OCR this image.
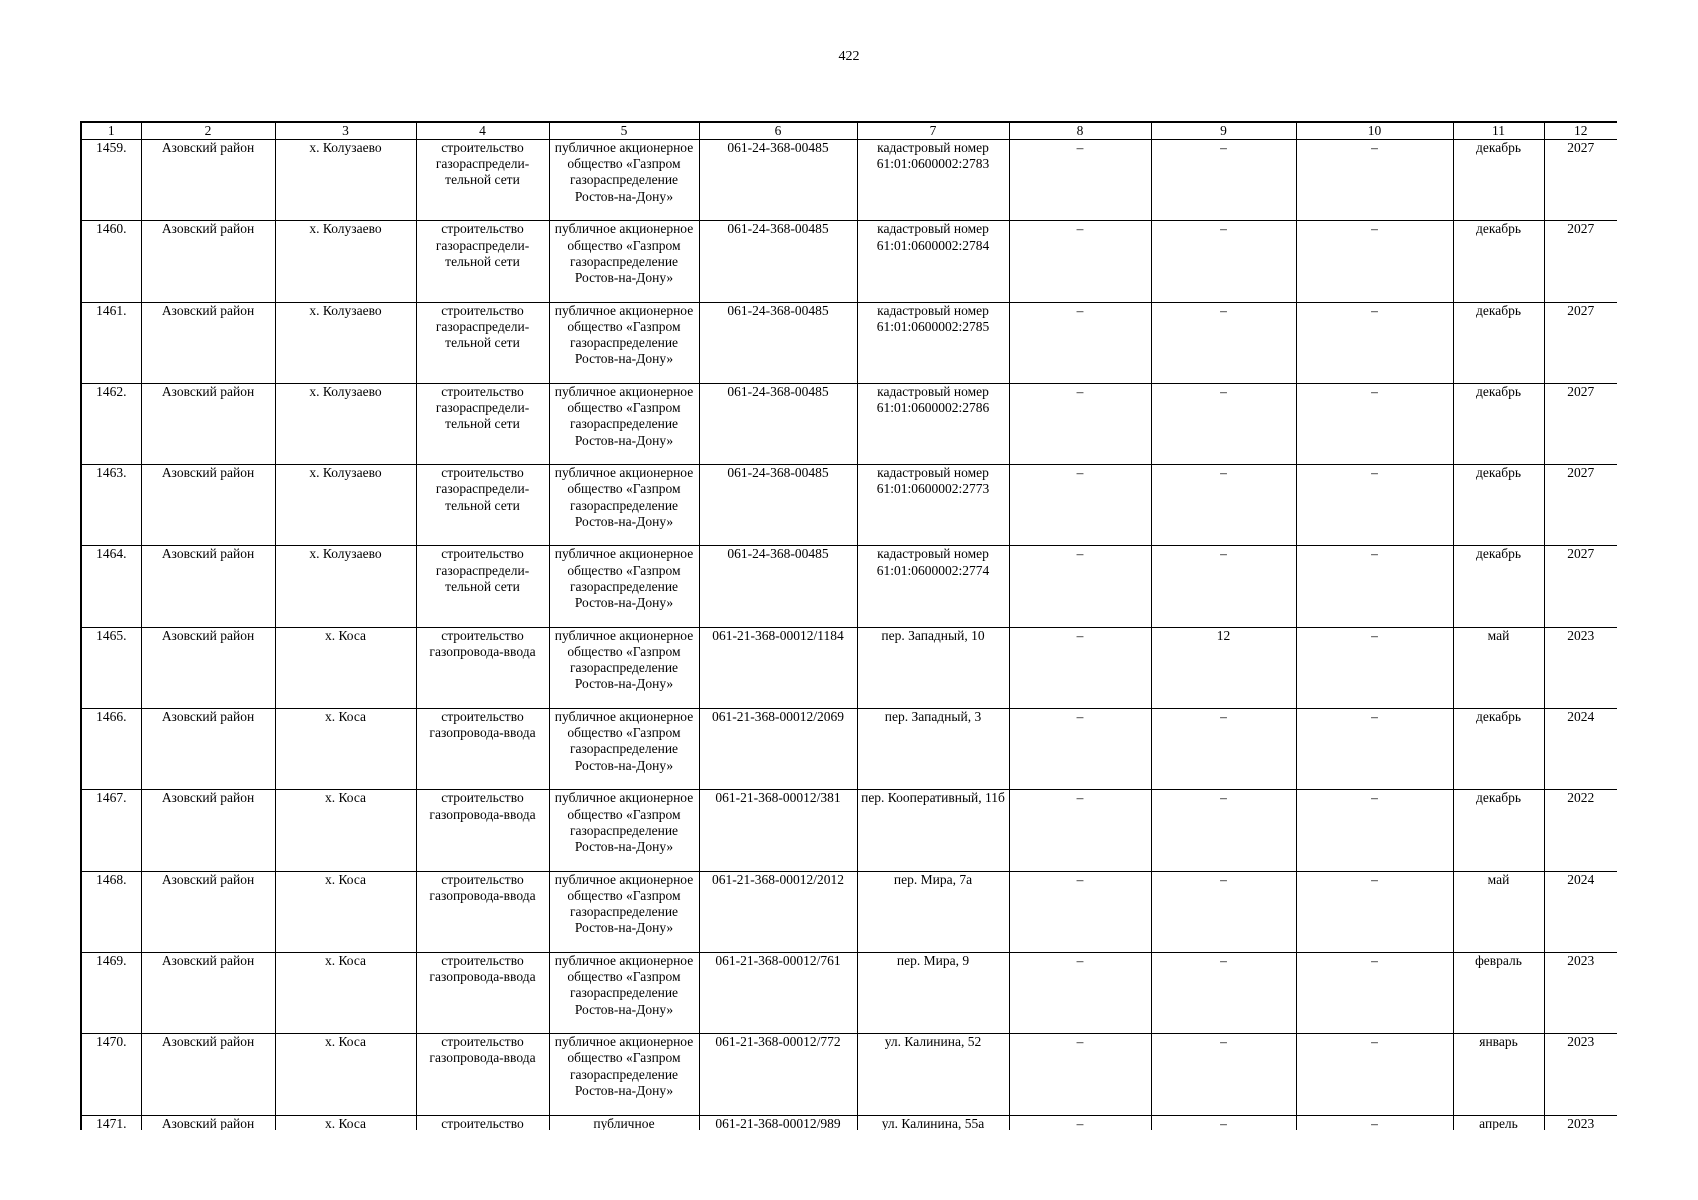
422
1	2	3	4	5	6	7	8	9	10	11	12
1459.	Азовский район	х. Колузаево	строительство газораспредели-тельной сети	публичное акционерное общество «Газпром газораспределение Ростов-на-Дону»	061-24-368-00485	кадастровый номер 61:01:0600002:2783	–	–	–	декабрь	2027
1460.	Азовский район	х. Колузаево	строительство газораспредели-тельной сети	публичное акционерное общество «Газпром газораспределение Ростов-на-Дону»	061-24-368-00485	кадастровый номер 61:01:0600002:2784	–	–	–	декабрь	2027
1461.	Азовский район	х. Колузаево	строительство газораспредели-тельной сети	публичное акционерное общество «Газпром газораспределение Ростов-на-Дону»	061-24-368-00485	кадастровый номер 61:01:0600002:2785	–	–	–	декабрь	2027
1462.	Азовский район	х. Колузаево	строительство газораспредели-тельной сети	публичное акционерное общество «Газпром газораспределение Ростов-на-Дону»	061-24-368-00485	кадастровый номер 61:01:0600002:2786	–	–	–	декабрь	2027
1463.	Азовский район	х. Колузаево	строительство газораспредели-тельной сети	публичное акционерное общество «Газпром газораспределение Ростов-на-Дону»	061-24-368-00485	кадастровый номер 61:01:0600002:2773	–	–	–	декабрь	2027
1464.	Азовский район	х. Колузаево	строительство газораспредели-тельной сети	публичное акционерное общество «Газпром газораспределение Ростов-на-Дону»	061-24-368-00485	кадастровый номер 61:01:0600002:2774	–	–	–	декабрь	2027
1465.	Азовский район	х. Коса	строительство газопровода-ввода	публичное акционерное общество «Газпром газораспределение Ростов-на-Дону»	061-21-368-00012/1184	пер. Западный, 10	–	12	–	май	2023
1466.	Азовский район	х. Коса	строительство газопровода-ввода	публичное акционерное общество «Газпром газораспределение Ростов-на-Дону»	061-21-368-00012/2069	пер. Западный, 3	–	–	–	декабрь	2024
1467.	Азовский район	х. Коса	строительство газопровода-ввода	публичное акционерное общество «Газпром газораспределение Ростов-на-Дону»	061-21-368-00012/381	пер. Кооперативный, 11б	–	–	–	декабрь	2022
1468.	Азовский район	х. Коса	строительство газопровода-ввода	публичное акционерное общество «Газпром газораспределение Ростов-на-Дону»	061-21-368-00012/2012	пер. Мира, 7а	–	–	–	май	2024
1469.	Азовский район	х. Коса	строительство газопровода-ввода	публичное акционерное общество «Газпром газораспределение Ростов-на-Дону»	061-21-368-00012/761	пер. Мира, 9	–	–	–	февраль	2023
1470.	Азовский район	х. Коса	строительство газопровода-ввода	публичное акционерное общество «Газпром газораспределение Ростов-на-Дону»	061-21-368-00012/772	ул. Калинина, 52	–	–	–	январь	2023
1471.	Азовский район	х. Коса	строительство	публичное	061-21-368-00012/989	ул. Калинина, 55а	–	–	–	апрель	2023
